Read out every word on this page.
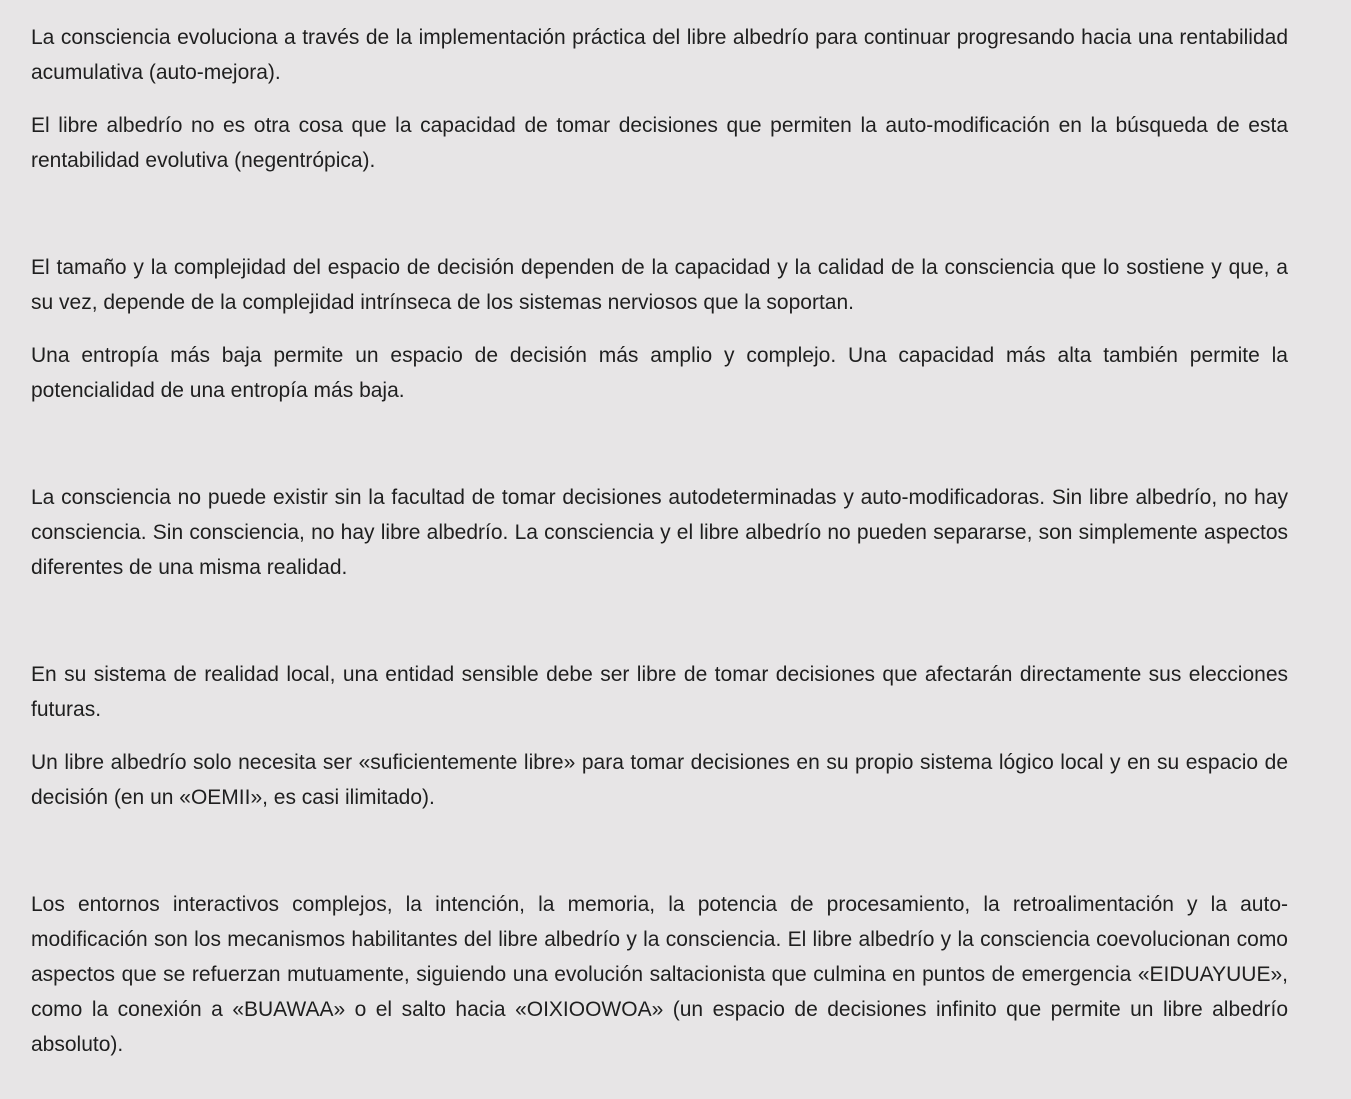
La consciencia evoluciona a través de la implementación práctica del libre albedrío para continuar progresando hacia una rentabilidad acumulativa (auto-mejora).

El libre albedrío no es otra cosa que la capacidad de tomar decisiones que permiten la auto-modificación en la búsqueda de esta rentabilidad evolutiva (negentrópica).

El tamaño y la complejidad del espacio de decisión dependen de la capacidad y la calidad de la consciencia que lo sostiene y que, a su vez, depende de la complejidad intrínseca de los sistemas nerviosos que la soportan.

Una entropía más baja permite un espacio de decisión más amplio y complejo. Una capacidad más alta también permite la potencialidad de una entropía más baja.

La consciencia no puede existir sin la facultad de tomar decisiones autodeterminadas y auto-modificadoras. Sin libre albedrío, no hay consciencia. Sin consciencia, no hay libre albedrío. La consciencia y el libre albedrío no pueden separarse, son simplemente aspectos diferentes de una misma realidad.

En su sistema de realidad local, una entidad sensible debe ser libre de tomar decisiones que afectarán directamente sus elecciones futuras.

Un libre albedrío solo necesita ser «suficientemente libre» para tomar decisiones en su propio sistema lógico local y en su espacio de decisión (en un «OEMII», es casi ilimitado).

Los entornos interactivos complejos, la intención, la memoria, la potencia de procesamiento, la retroalimentación y la auto-modificación son los mecanismos habilitantes del libre albedrío y la consciencia. El libre albedrío y la consciencia coevolucionan como aspectos que se refuerzan mutuamente, siguiendo una evolución saltacionista que culmina en puntos de emergencia «EIDUAYUUE», como la conexión a «BUAWAA» o el salto hacia «OIXIOOWOA» (un espacio de decisiones infinito que permite un libre albedrío absoluto).
